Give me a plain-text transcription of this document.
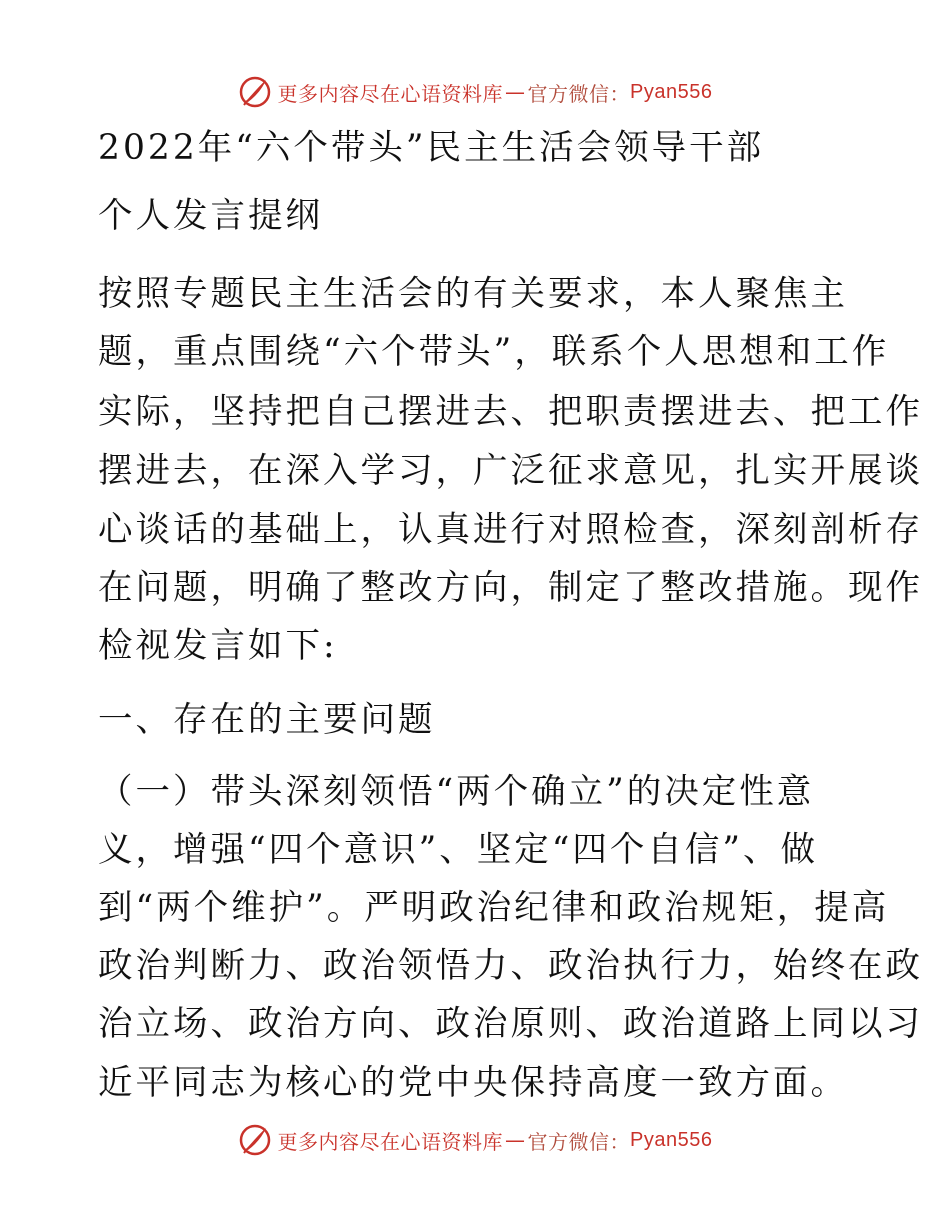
更多内容尽在心语资料库 — 官方微信： Pyan556
2022年“六个带头”民主生活会领导干部
个人发言提纲
按照专题民主生活会的有关要求，本人聚焦主
题，重点围绕“六个带头”，联系个人思想和工作
实际，坚持把自己摆进去、把职责摆进去、把工作
摆进去，在深入学习，广泛征求意见，扎实开展谈
心谈话的基础上，认真进行对照检查，深刻剖析存
在问题，明确了整改方向，制定了整改措施。现作
检视发言如下:
一、存在的主要问题
（一）带头深刻领悟“两个确立”的决定性意
义，增强“四个意识”、坚定“四个自信”、做
到“两个维护”。严明政治纪律和政治规矩，提高
政治判断力、政治领悟力、政治执行力，始终在政
治立场、政治方向、政治原则、政治道路上同以习
近平同志为核心的党中央保持高度一致方面。
更多内容尽在心语资料库 — 官方微信： Pyan556
